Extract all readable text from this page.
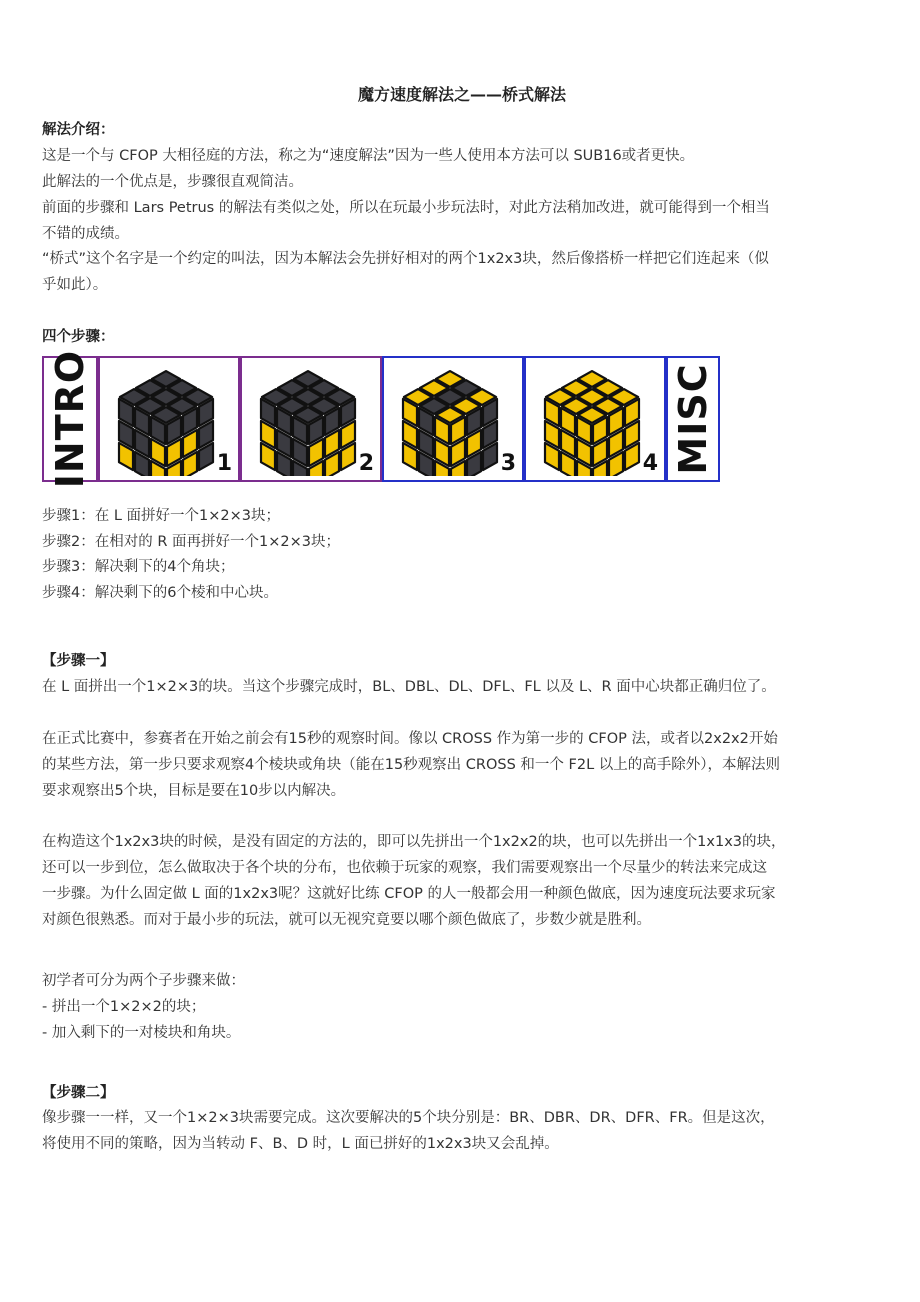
魔方速度解法之——桥式解法
解法介绍：
这是一个与 CFOP 大相径庭的方法，称之为“速度解法”因为一些人使用本方法可以 SUB16或者更快。
此解法的一个优点是，步骤很直观简洁。
前面的步骤和 Lars Petrus 的解法有类似之处，所以在玩最小步玩法时，对此方法稍加改进，就可能得到一个相当
不错的成绩。
“桥式”这个名字是一个约定的叫法，因为本解法会先拼好相对的两个1x2x3块，然后像搭桥一样把它们连起来（似
乎如此）。
四个步骤：
INTRO	1	2	3	4 MISC
步骤1：在 L 面拼好一个1×2×3块；
步骤2：在相对的 R 面再拼好一个1×2×3块；
步骤3：解决剩下的4个角块；
步骤4：解决剩下的6个棱和中心块。
【步骤一】
在 L 面拼出一个1×2×3的块。当这个步骤完成时，BL、DBL、DL、DFL、FL 以及 L、R 面中心块都正确归位了。
在正式比赛中，参赛者在开始之前会有15秒的观察时间。像以 CROSS 作为第一步的 CFOP 法，或者以2x2x2开始
的某些方法，第一步只要求观察4个棱块或角块（能在15秒观察出 CROSS 和一个 F2L 以上的高手除外），本解法则
要求观察出5个块，目标是要在10步以内解决。
在构造这个1x2x3块的时候，是没有固定的方法的，即可以先拼出一个1x2x2的块，也可以先拼出一个1x1x3的块，
还可以一步到位，怎么做取决于各个块的分布，也依赖于玩家的观察，我们需要观察出一个尽量少的转法来完成这
一步骤。为什么固定做 L 面的1x2x3呢？这就好比练 CFOP 的人一般都会用一种颜色做底，因为速度玩法要求玩家
对颜色很熟悉。而对于最小步的玩法，就可以无视究竟要以哪个颜色做底了，步数少就是胜利。
初学者可分为两个子步骤来做：
- 拼出一个1×2×2的块；
- 加入剩下的一对棱块和角块。
【步骤二】
像步骤一一样，又一个1×2×3块需要完成。这次要解决的5个块分别是：BR、DBR、DR、DFR、FR。但是这次，
将使用不同的策略，因为当转动 F、B、D 时，L 面已拼好的1x2x3块又会乱掉。
